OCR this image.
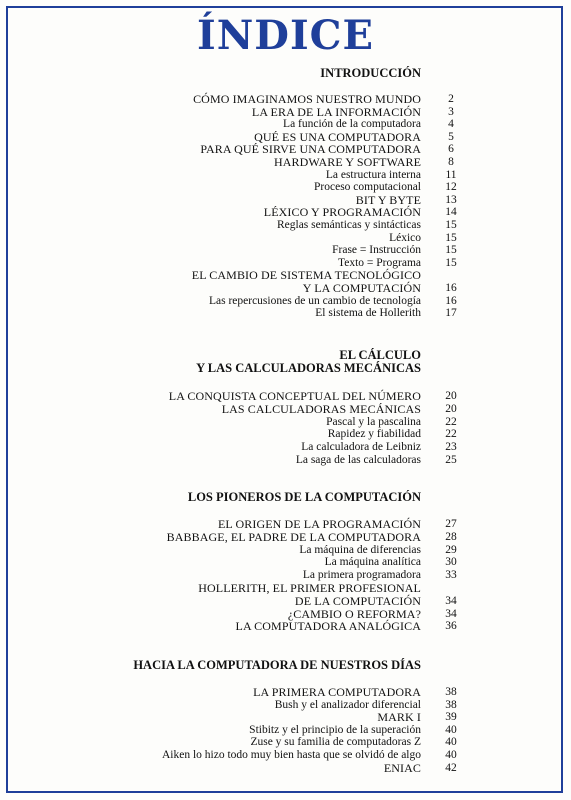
ÍNDICE
INTRODUCCIÓN
CÓMO IMAGINAMOS NUESTRO MUNDO	2
LA ERA DE LA INFORMACIÓN	3
La función de la computadora	4
QUÉ ES UNA COMPUTADORA	5
PARA QUÉ SIRVE UNA COMPUTADORA	6
HARDWARE Y SOFTWARE	8
La estructura interna	11
Proceso computacional	12
BIT Y BYTE	13
LÉXICO Y PROGRAMACIÓN	14
Reglas semánticas y sintácticas	15
Léxico	15
Frase = Instrucción	15
Texto = Programa	15
EL CAMBIO DE SISTEMA TECNOLÓGICO
Y LA COMPUTACIÓN	16
Las repercusiones de un cambio de tecnología	16
El sistema de Hollerith	17
EL CÁLCULO
Y LAS CALCULADORAS MECÁNICAS
LA CONQUISTA CONCEPTUAL DEL NÚMERO	20
LAS CALCULADORAS MECÁNICAS	20
Pascal y la pascalina	22
Rapidez y fiabilidad	22
La calculadora de Leibniz	23
La saga de las calculadoras	25
LOS PIONEROS DE LA COMPUTACIÓN
EL ORIGEN DE LA PROGRAMACIÓN	27
BABBAGE, EL PADRE DE LA COMPUTADORA	28
La máquina de diferencias	29
La máquina analítica	30
La primera programadora	33
HOLLERITH, EL PRIMER PROFESIONAL
DE LA COMPUTACIÓN	34
¿CAMBIO O REFORMA?	34
LA COMPUTADORA ANALÓGICA	36
HACIA LA COMPUTADORA DE NUESTROS DÍAS
LA PRIMERA COMPUTADORA	38
Bush y el analizador diferencial	38
MARK I	39
Stibitz y el principio de la superación	40
Zuse y su familia de computadoras Z	40
Aiken lo hizo todo muy bien hasta que se olvidó de algo	40
ENIAC	42
